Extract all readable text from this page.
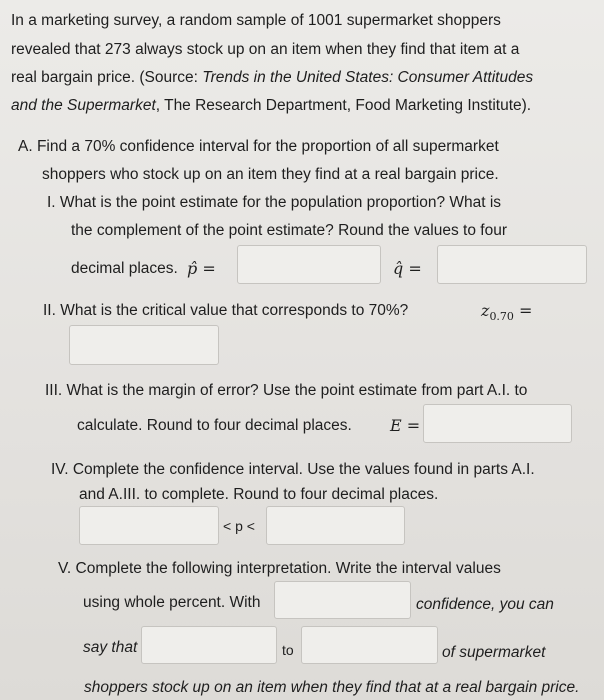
In a marketing survey, a random sample of 1001 supermarket shoppers
revealed that 273 always stock up on an item when they find that item at a
real bargain price. (Source: Trends in the United States: Consumer Attitudes
and the Supermarket, The Research Department, Food Marketing Institute).
A. Find a 70% confidence interval for the proportion of all supermarket
shoppers who stock up on an item they find at a real bargain price.
I. What is the point estimate for the population proportion? What is
the complement of the point estimate? Round the values to four
decimal places. p̂ =	q̂ =
II. What is the critical value that corresponds to 70%?	$z_{0.70}$ =
III. What is the margin of error? Use the point estimate from part A.I. to
calculate. Round to four decimal places. E =
IV. Complete the confidence interval. Use the values found in parts A.I.
and A.III. to complete. Round to four decimal places.
< p <
V. Complete the following interpretation. Write the interval values
using whole percent. With	confidence, you can
say that	to	of supermarket
shoppers stock up on an item when they find that at a real bargain price.
